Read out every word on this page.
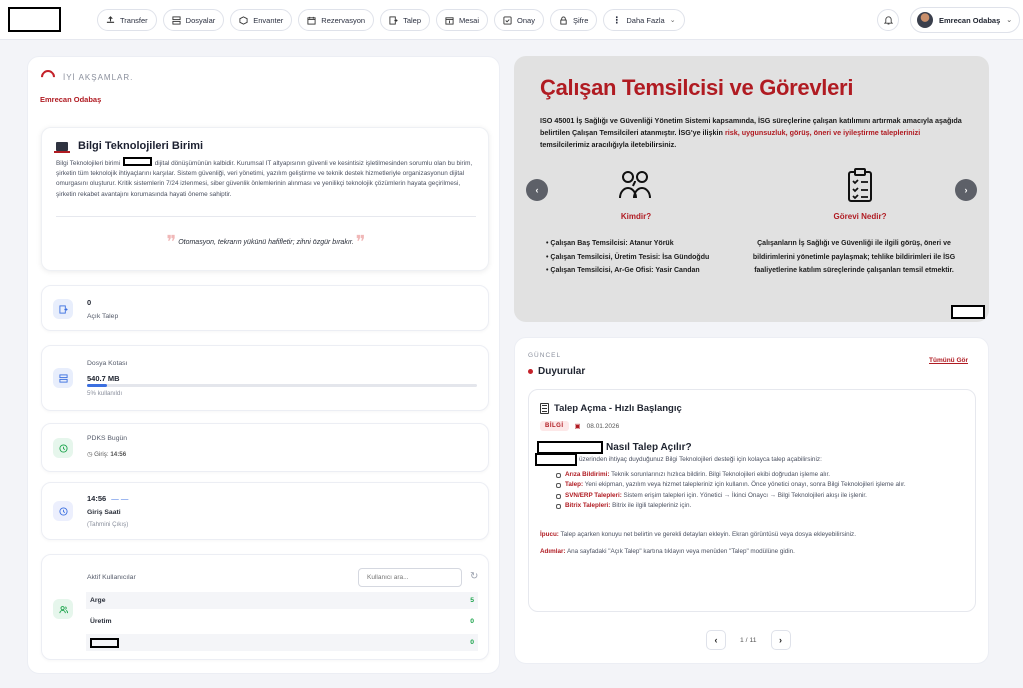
Transfer	Dosyalar	Envanter	Rezervasyon	Talep	Mesai	Onay	Şifre	⋮ Daha Fazla ⌄	Emrecan Odabaş ⌄
İYİ AKŞAMLAR.
Emrecan Odabaş
Bilgi Teknolojileri Birimi
Bilgi Teknolojileri birimi	dijital dönüşümünün kalbidir. Kurumsal IT altyapısının güvenli ve kesintisiz işletilmesinden sorumlu olan bu birim, şirketin tüm teknolojik ihtiyaçlarını karşılar. Sistem güvenliği, veri yönetimi, yazılım geliştirme ve teknik destek hizmetleriyle organizasyonun dijital omurgasını oluşturur. Kritik sistemlerin 7/24 izlenmesi, siber güvenlik önlemlerinin alınması ve yenilikçi teknolojik çözümlerin hayata geçirilmesi, şirketin rekabet avantajını korumasında hayati öneme sahiptir.
❞ Otomasyon, tekrarın yükünü hafifletir; zihni özgür bırakır. ❞
0
Açık Talep
Dosya Kotası
540.7 MB
5% kullanıldı
PDKS Bugün
◷ Giriş: 14:56
14:56 — —
Giriş Saati
(Tahmini Çıkış)
Aktif Kullanıcılar
Kullanıcı ara...	↻
Arge	5
Üretim	0
0
Çalışan Temsilcisi ve Görevleri
ISO 45001 İş Sağlığı ve Güvenliği Yönetim Sistemi kapsamında, İSG süreçlerine çalışan katılımını artırmak amacıyla aşağıda belirtilen Çalışan Temsilcileri atanmıştır. İSG'ye ilişkin risk, uygunsuzluk, görüş, öneri ve iyileştirme taleplerinizi temsilcilerimiz aracılığıyla iletebilirsiniz.
‹	›
Kimdir?	Görevi Nedir?
• Çalışan Baş Temsilcisi: Atanur Yörük
• Çalışan Temsilcisi, Üretim Tesisi: İsa Gündoğdu
• Çalışan Temsilcisi, Ar-Ge Ofisi: Yasir Candan
Çalışanların İş Sağlığı ve Güvenliği ile ilgili görüş, öneri ve bildirimlerini yönetimle paylaşmak; tehlike bildirimleri ile İSG faaliyetlerine katılım süreçlerinde çalışanları temsil etmektir.
GÜNCEL
Tümünü Gör
Duyurular
Talep Açma - Hızlı Başlangıç
BİLGİ	▣ 08.01.2026
Nasıl Talep Açılır?
üzerinden ihtiyaç duyduğunuz Bilgi Teknolojileri desteği için kolayca talep açabilirsiniz:
Arıza Bildirimi: Teknik sorunlarınızı hızlıca bildirin. Bilgi Teknolojileri ekibi doğrudan işleme alır.
Talep: Yeni ekipman, yazılım veya hizmet talepleriniz için kullanın. Önce yönetici onayı, sonra Bilgi Teknolojileri işleme alır.
SVN/ERP Talepleri: Sistem erişim talepleri için. Yönetici → İkinci Onaycı → Bilgi Teknolojileri akışı ile işlenir.
Bitrix Talepleri: Bitrix ile ilgili talepleriniz için.
İpucu: Talep açarken konuyu net belirtin ve gerekli detayları ekleyin. Ekran görüntüsü veya dosya ekleyebilirsiniz.
Adımlar: Ana sayfadaki "Açık Talep" kartına tıklayın veya menüden "Talep" modülüne gidin.
‹	1 / 11	›
